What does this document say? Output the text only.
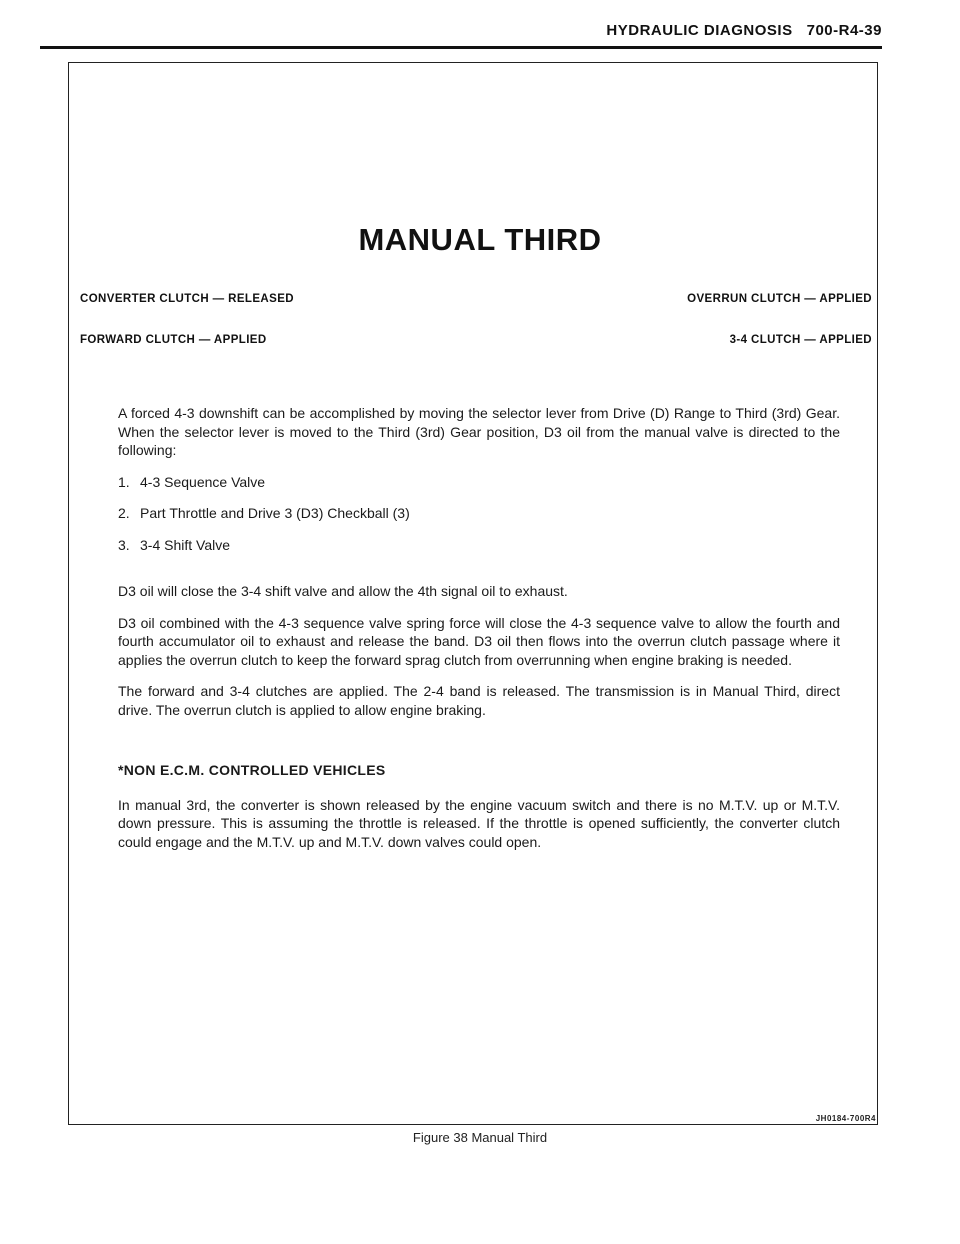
HYDRAULIC DIAGNOSIS 700-R4-39
MANUAL THIRD
CONVERTER CLUTCH — RELEASED
FORWARD CLUTCH — APPLIED
OVERRUN CLUTCH — APPLIED
3-4 CLUTCH — APPLIED

A forced 4-3 downshift can be accomplished by moving the selector lever from Drive (D) Range to Third (3rd) Gear. When the selector lever is moved to the Third (3rd) Gear position, D3 oil from the manual valve is directed to the following:

1. 4-3 Sequence Valve
2. Part Throttle and Drive 3 (D3) Checkball (3)
3. 3-4 Shift Valve

D3 oil will close the 3-4 shift valve and allow the 4th signal oil to exhaust.

D3 oil combined with the 4-3 sequence valve spring force will close the 4-3 sequence valve to allow the fourth and fourth accumulator oil to exhaust and release the band. D3 oil then flows into the overrun clutch passage where it applies the overrun clutch to keep the forward sprag clutch from overrunning when engine braking is needed.

The forward and 3-4 clutches are applied. The 2-4 band is released. The transmission is in Manual Third, direct drive. The overrun clutch is applied to allow engine braking.

*NON E.C.M. CONTROLLED VEHICLES

In manual 3rd, the converter is shown released by the engine vacuum switch and there is no M.T.V. up or M.T.V. down pressure. This is assuming the throttle is released. If the throttle is opened sufficiently, the converter clutch could engage and the M.T.V. up and M.T.V. down valves could open.

JH0184-700R4
Figure 38 Manual Third
